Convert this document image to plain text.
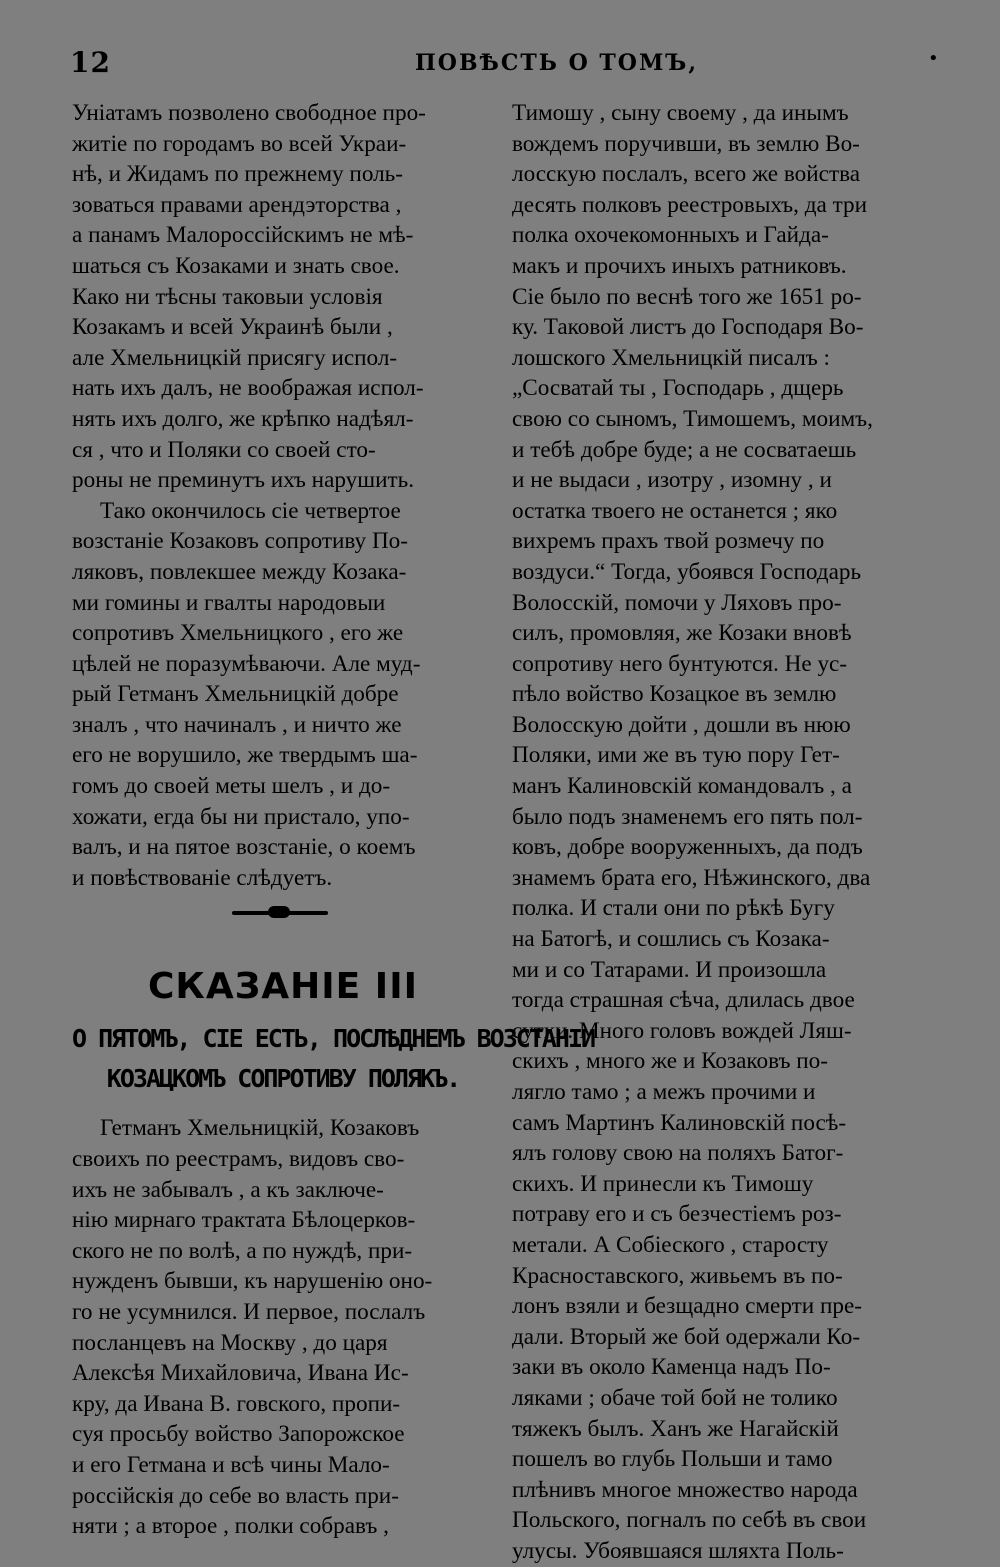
12	ПОВѢСТЬ О ТОМЪ,	•

Уніатамъ позволено свободное про-
житіе по городамъ во всей Украи-
нѣ, и Жидамъ по прежнему поль-
зоваться правами арендэторства ,
а панамъ Малороссійскимъ не мѣ-
шаться съ Козаками и знать свое.
Како ни тѣсны таковыи условія
Козакамъ и всей Украинѣ были ,
але Хмельницкій присягу испол-
нать ихъ далъ, не воображая испол-
нять ихъ долго, же крѣпко надѣял-
ся , что и Поляки со своей сто-
роны не преминутъ ихъ нарушить.

Тако окончилось сіе четвертое
возстаніе Козаковъ сопротиву По-
ляковъ, повлекшее между Козака-
ми гомины и гвалты народовыи
сопротивъ Хмельницкого , его же
цѣлей не поразумѣваючи. Але муд-
рый Гетманъ Хмельницкій добре
зналъ , что начиналъ , и ничто же
его не ворушило, же твердымъ ша-
гомъ до своей меты шелъ , и до-
хожати, егда бы ни пристало, упо-
валъ, и на пятое возстаніе, о коемъ
и повѣствованіе слѣдуетъ.

СКАЗАНІЕ III
О ПЯТОМЪ, СІЕ ЕСТЬ, ПОСЛѢДНЕМЪ ВОЗСТАНІИ
КОЗАЦКОМЪ СОПРОТИВУ ПОЛЯКЪ.

Гетманъ Хмельницкій, Козаковъ
своихъ по реестрамъ, видовъ сво-
ихъ не забывалъ , а къ заключе-
нію мирнаго трактата Бѣлоцерков-
ского не по волѣ, а по нуждѣ, при-
нужденъ бывши, къ нарушенію оно-
го не усумнился. И первое, послалъ
посланцевъ на Москву , до царя
Алексѣя Михайловича, Ивана Ис-
кру, да Ивана В. говского, пропи-
суя просьбу войство Запорожское
и его Гетмана и всѣ чины Мало-
россійскія до себе во власть при-
няти ; а второе , полки собравъ ,

Тимошу , сыну своему , да инымъ
вождемъ поручивши, въ землю Во-
лосскую послалъ, всего же войства
десять полковъ реестровыхъ, да три
полка охочекомонныхъ и Гайда-
макъ и прочихъ иныхъ ратниковъ.
Сіе было по веснѣ того же 1651 ро-
ку. Таковой листъ до Господаря Во-
лошского Хмельницкій писалъ :
„Сосватай ты , Господарь , дщерь
свою со сыномъ, Тимошемъ, моимъ,
и тебѣ добре буде; а не сосватаешь
и не выдаси , изотру , изомну , и
остатка твоего не останется ; яко
вихремъ прахъ твой розмечу по
воздуси.“ Тогда, убоявся Господарь
Волосскій, помочи у Ляховъ про-
силъ, промовляя, же Козаки вновѣ
сопротиву него бунтуются. Не ус-
пѣло войство Козацкое въ землю
Волосскую дойти , дошли въ нюю
Поляки, ими же въ тую пору Гет-
манъ Калиновскій командовалъ , а
было подъ знаменемъ его пять пол-
ковъ, добре вооруженныхъ, да подъ
знамемъ брата его, Нѣжинского, два
полка. И стали они по рѣкѣ Бугу
на Батогѣ, и сошлись съ Козака-
ми и со Татарами. И произошла
тогда страшная сѣча, длилась двое
сутки. Много головъ вождей Ляш-
скихъ , много же и Козаковъ по-
лягло тамо ; а межъ прочими и
самъ Мартинъ Калиновскій посѣ-
ялъ голову свою на поляхъ Батог-
скихъ. И принесли къ Тимошу
потраву его и съ безчестіемъ роз-
метали. А Собіеского , старосту
Красноставского, живьемъ въ по-
лонъ взяли и безщадно смерти пре-
дали. Вторый же бой одержали Ко-
заки въ около Каменца надъ По-
ляками ; обаче той бой не толико
тяжекъ былъ. Ханъ же Нагайскій
пошелъ во глубь Польши и тамо
плѣнивъ многое множество народа
Польского, погналъ по себѣ въ свои
улусы. Убоявшаяся шляхта Поль-
